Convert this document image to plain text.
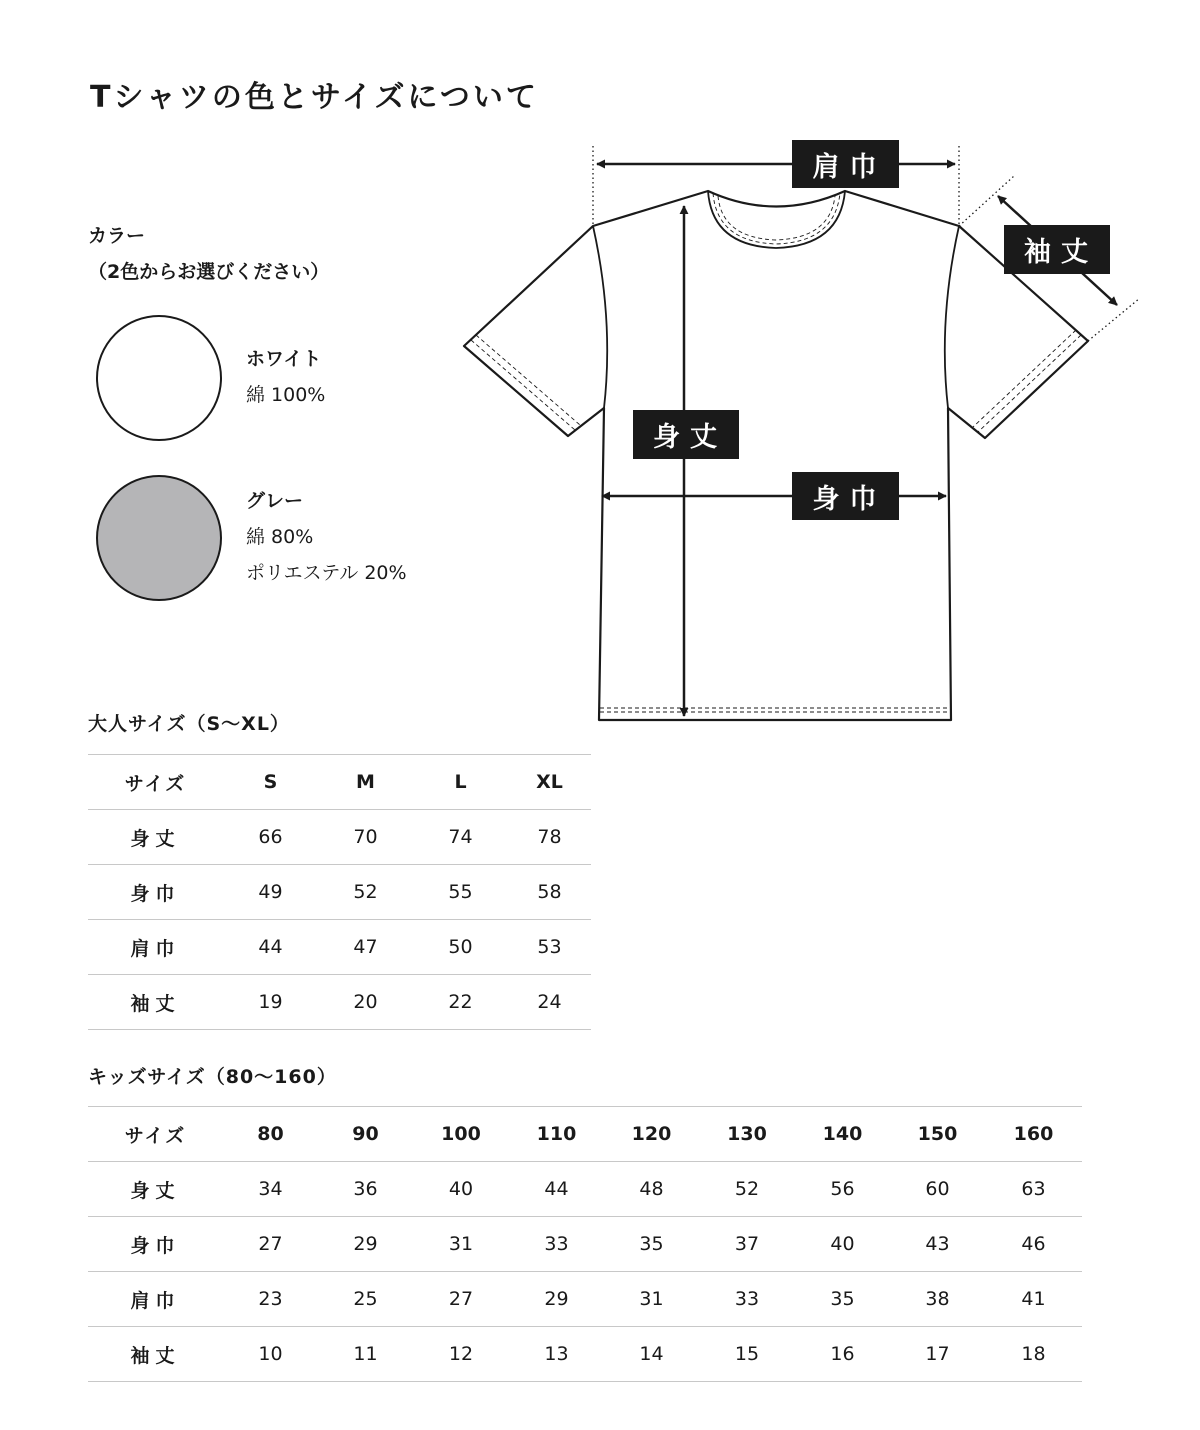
Tシャツの色とサイズについて
カラー
（2色からお選びください）
ホワイト
綿 100%
グレー
綿 80%
ポリエステル 20%
肩巾
袖丈
身丈
身巾
大人サイズ（S〜XL）
サイズ	S	M	L	XL
身丈	66	70	74	78
身巾	49	52	55	58
肩巾	44	47	50	53
袖丈	19	20	22	24
キッズサイズ（80〜160）
サイズ	80	90	100	110	120	130	140	150	160
身丈	34	36	40	44	48	52	56	60	63
身巾	27	29	31	33	35	37	40	43	46
肩巾	23	25	27	29	31	33	35	38	41
袖丈	10	11	12	13	14	15	16	17	18
